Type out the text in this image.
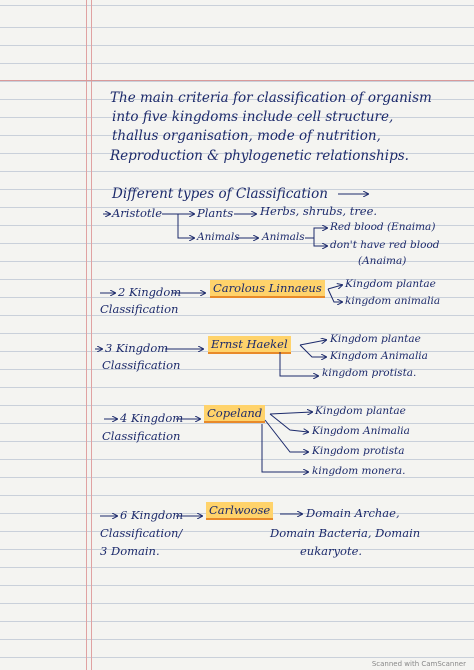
The main criteria for classification of organism
into five kingdoms include cell structure,
thallus organisation, mode of nutrition,
Reproduction & phylogenetic relationships.
Different types of Classification
Aristotle	Plants Herbs, shrubs, tree.
Animals Animals
Red blood (Enaima)
don't have red blood
(Anaima)
2 Kingdom
Classification
Carolous Linnaeus Kingdom plantae
kingdom animalia
3 Kingdom
Classification
Ernst Haekel	Kingdom plantae
Kingdom Animalia
kingdom protista.
4 Kingdom
Classification
Copeland	Kingdom plantae
Kingdom Animalia
Kingdom protista
kingdom monera.
6 Kingdom
Classification/
3 Domain.
Carlwoose	Domain Archae,
Domain Bacteria, Domain
eukaryote.
Scanned with CamScanner
